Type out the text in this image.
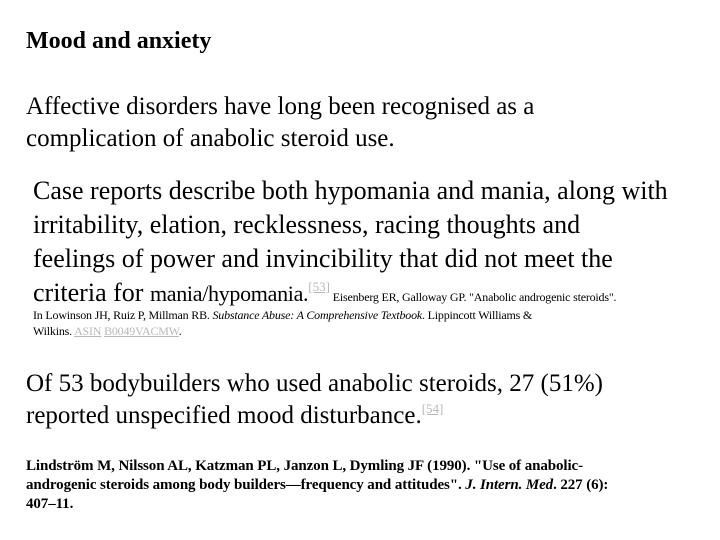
Mood and anxiety

Affective disorders have long been recognised as a
complication of anabolic steroid use.

Case reports describe both hypomania and mania, along with
irritability, elation, recklessness, racing thoughts and
feelings of power and invincibility that did not meet the
criteria for mania/hypomania.[53] Eisenberg ER, Galloway GP. "Anabolic androgenic steroids".

In Lowinson JH, Ruiz P, Millman RB. Substance Abuse: A Comprehensive Textbook. Lippincott Williams &
Wilkins. ASIN B0049VACMW.

Of 53 bodybuilders who used anabolic steroids, 27 (51%)
reported unspecified mood disturbance.[54]

Lindström M, Nilsson AL, Katzman PL, Janzon L, Dymling JF (1990). "Use of anabolic-
androgenic steroids among body builders—frequency and attitudes". J. Intern. Med. 227 (6):
407–11.
